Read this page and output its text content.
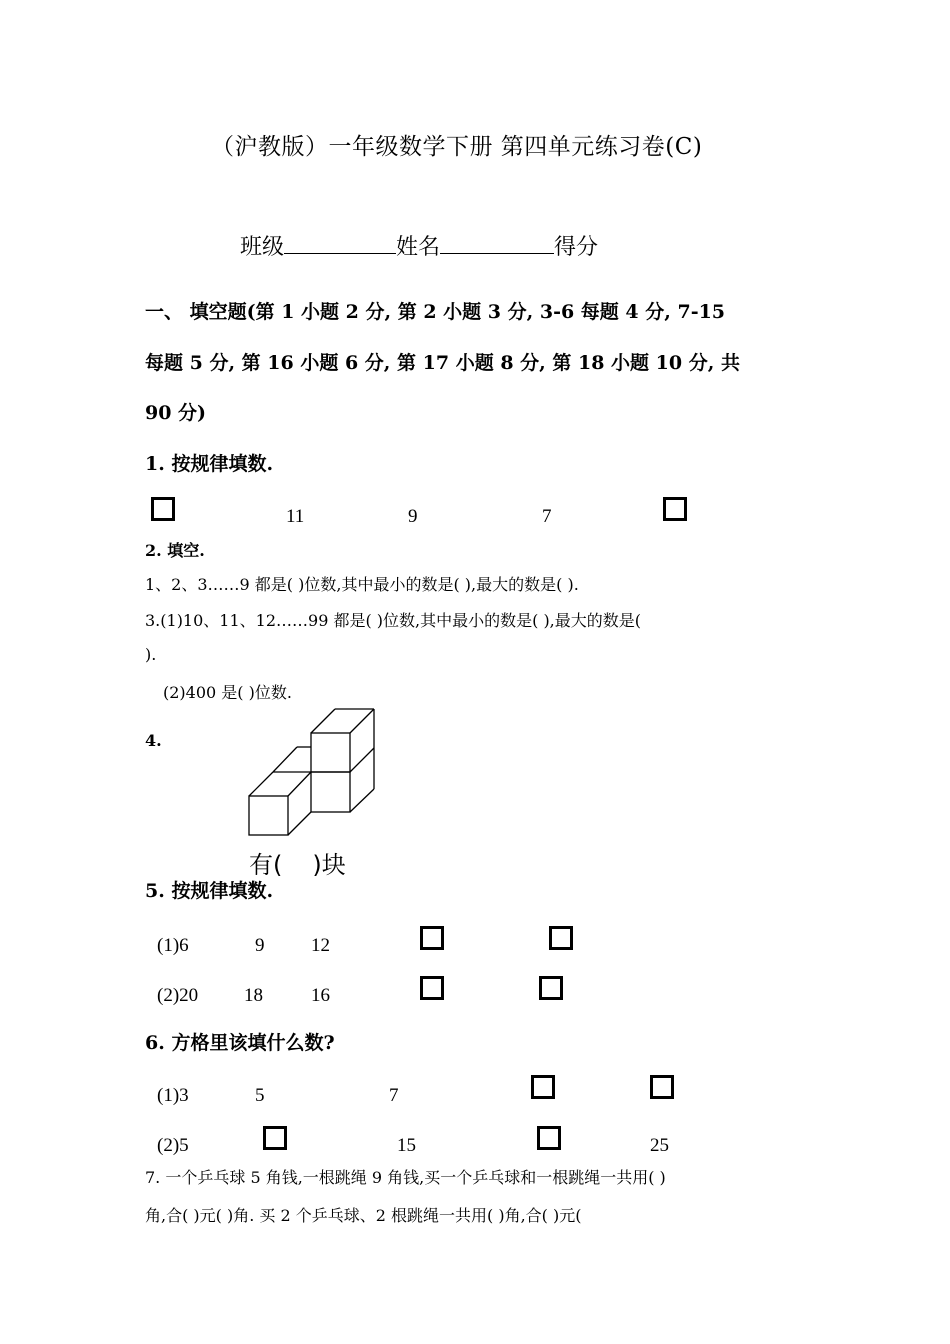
（沪教版）一年级数学下册 第四单元练习卷(C)
班级	姓名	得分
一、 填空题(第 1 小题 2 分, 第 2 小题 3 分, 3-6 每题 4 分, 7-15
每题 5 分, 第 16 小题 6 分, 第 17 小题 8 分, 第 18 小题 10 分, 共
90 分)
1. 按规律填数.
11	9	7
2. 填空.
1、2、3……9 都是( )位数,其中最小的数是( ),最大的数是( ).
3.(1)10、11、12……99 都是( )位数,其中最小的数是( ),最大的数是(
).
(2)400 是( )位数.
4.
有( )块
5. 按规律填数.
(1)6	9 12
(2)20 18	16
6. 方格里该填什么数?
(1)3	5	7
(2)5	15	25
7. 一个乒乓球 5 角钱,一根跳绳 9 角钱,买一个乒乓球和一根跳绳一共用( )
角,合( )元( )角. 买 2 个乒乓球、2 根跳绳一共用( )角,合( )元(
